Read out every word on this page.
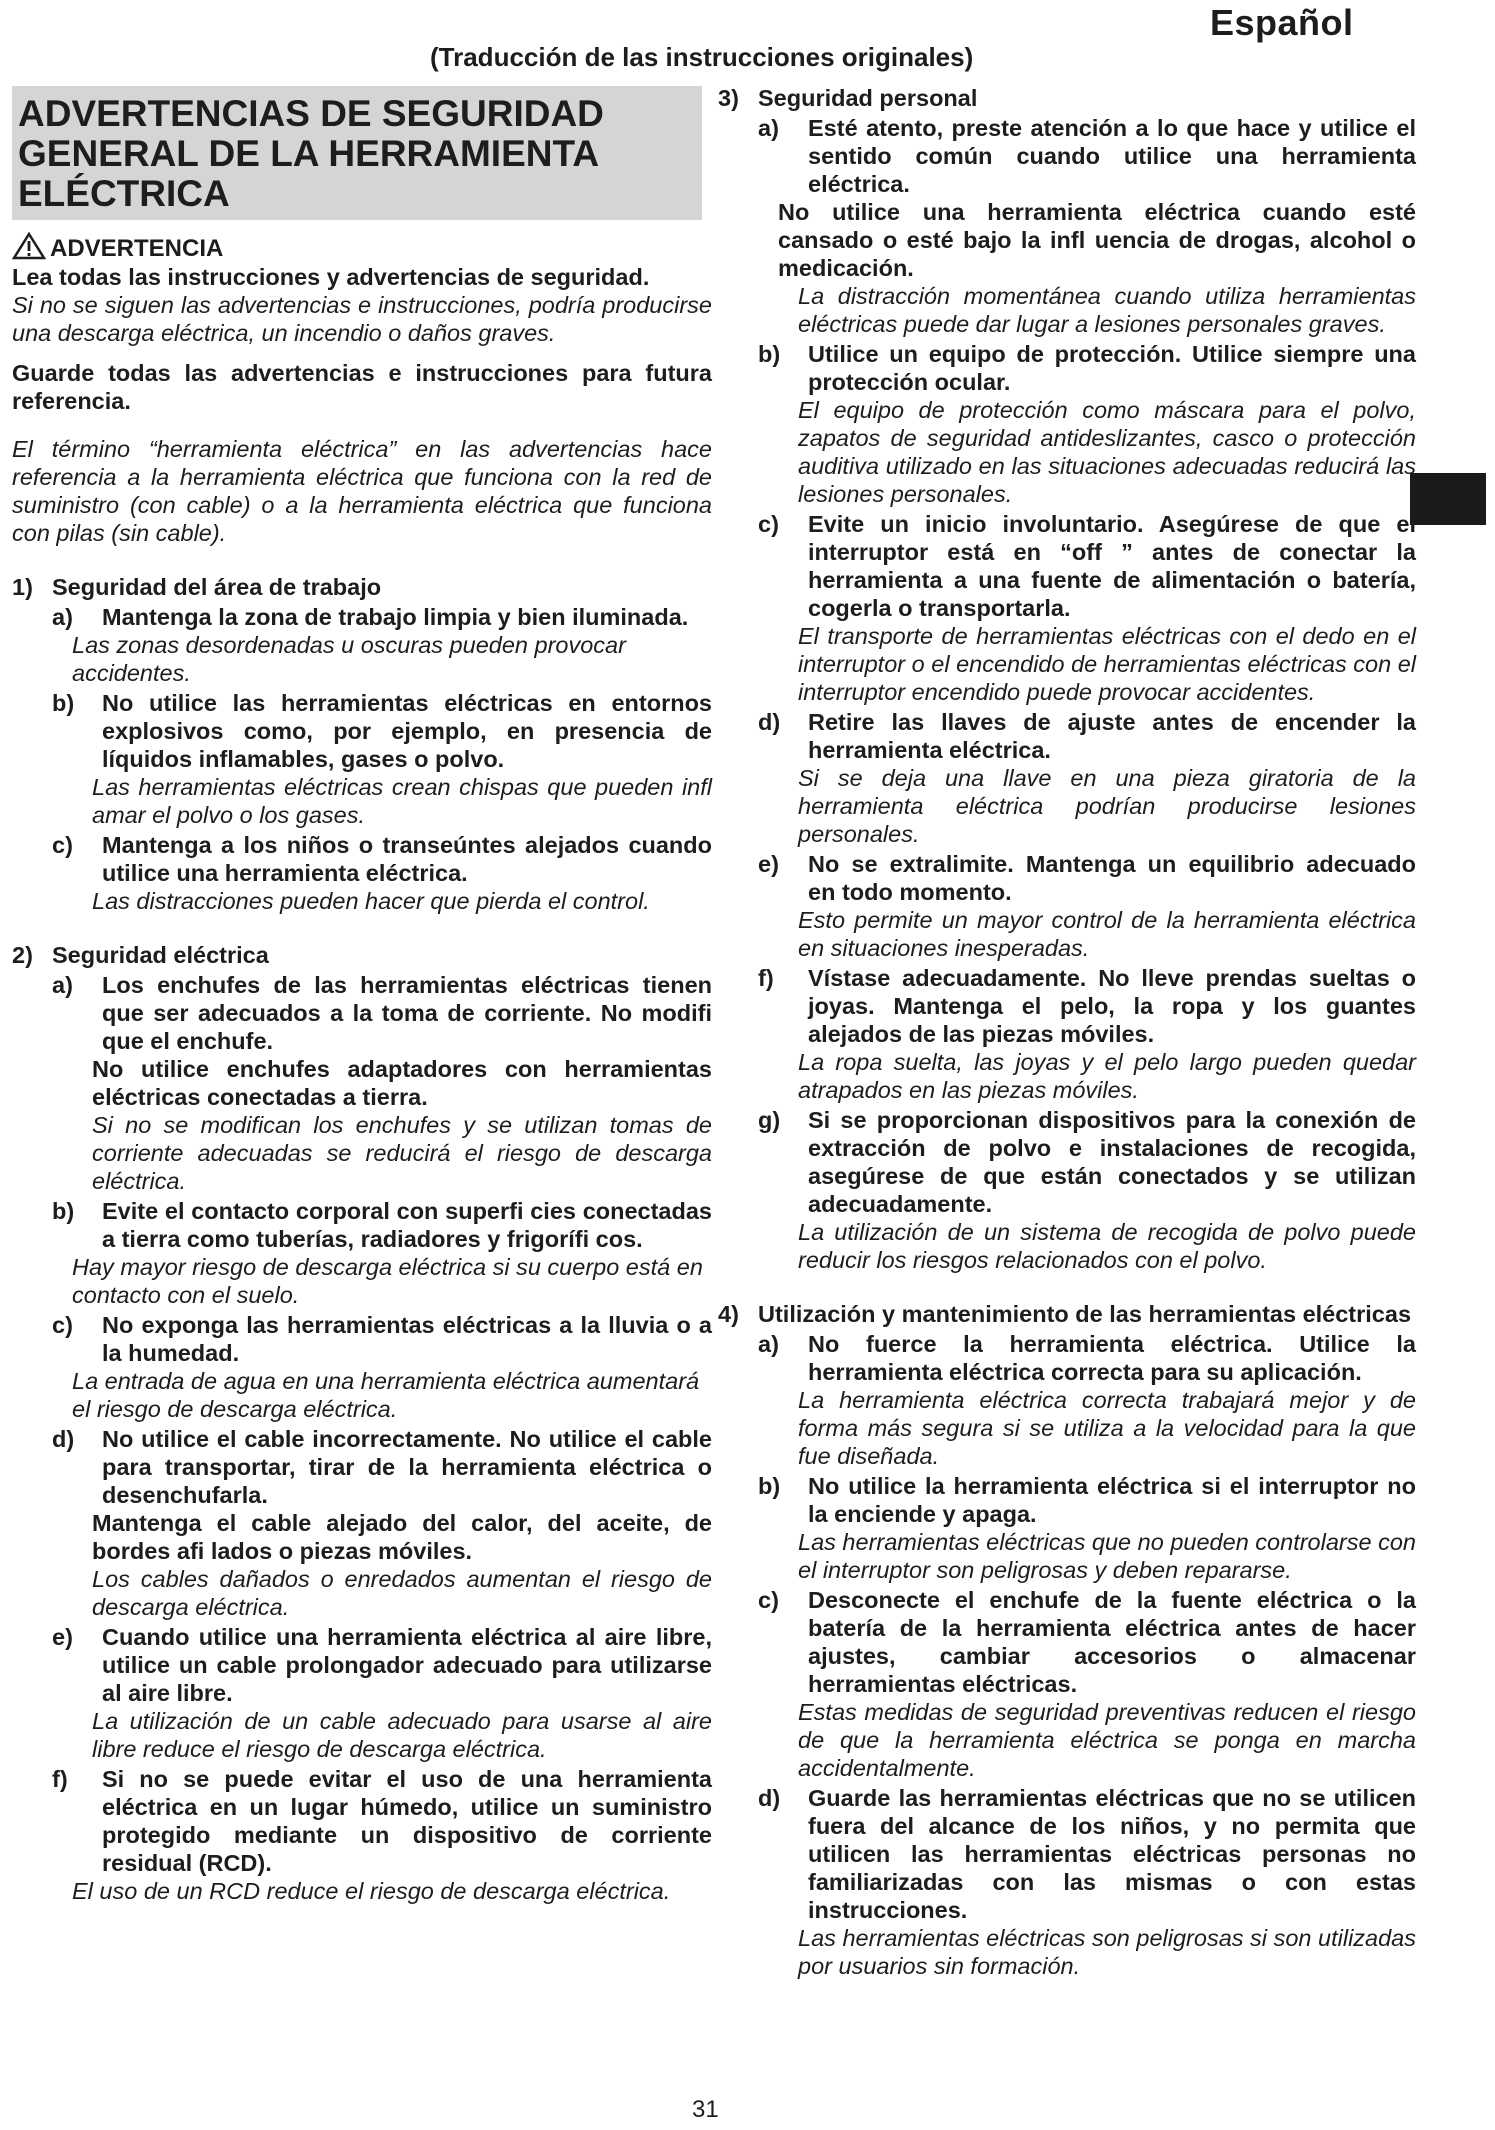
Español
(Traducción de las instrucciones originales)
ADVERTENCIAS DE SEGURIDAD GENERAL DE LA HERRAMIENTA ELÉCTRICA
ADVERTENCIA
Lea todas las instrucciones y advertencias de seguridad.
Si no se siguen las advertencias e instrucciones, podría producirse una descarga eléctrica, un incendio o daños graves.
Guarde todas las advertencias e instrucciones para futura referencia.
El término “herramienta eléctrica” en las advertencias hace referencia a la herramienta eléctrica que funciona con la red de suministro (con cable) o a la herramienta eléctrica que funciona con pilas (sin cable).
1) Seguridad del área de trabajo
a)	Mantenga la zona de trabajo limpia y bien iluminada.
Las zonas desordenadas u oscuras pueden provocar accidentes.
b)	No utilice las herramientas eléctricas en entornos explosivos como, por ejemplo, en presencia de líquidos inflamables, gases o polvo.
Las herramientas eléctricas crean chispas que pueden infl amar el polvo o los gases.
c)	Mantenga a los niños o transeúntes alejados cuando utilice una herramienta eléctrica.
Las distracciones pueden hacer que pierda el control.
2) Seguridad eléctrica
a)	Los enchufes de las herramientas eléctricas tienen que ser adecuados a la toma de corriente. No modifi que el enchufe.
No utilice enchufes adaptadores con herramientas eléctricas conectadas a tierra.
Si no se modifican los enchufes y se utilizan tomas de corriente adecuadas se reducirá el riesgo de descarga eléctrica.
b)	Evite el contacto corporal con superfi cies conectadas a tierra como tuberías, radiadores y frigorífi cos.
Hay mayor riesgo de descarga eléctrica si su cuerpo está en contacto con el suelo.
c)	No exponga las herramientas eléctricas a la lluvia o a la humedad.
La entrada de agua en una herramienta eléctrica aumentará el riesgo de descarga eléctrica.
d)	No utilice el cable incorrectamente. No utilice el cable para transportar, tirar de la herramienta eléctrica o desenchufarla.
Mantenga el cable alejado del calor, del aceite, de bordes afi lados o piezas móviles.
Los cables dañados o enredados aumentan el riesgo de descarga eléctrica.
e)	Cuando utilice una herramienta eléctrica al aire libre, utilice un cable prolongador adecuado para utilizarse al aire libre.
La utilización de un cable adecuado para usarse al aire libre reduce el riesgo de descarga eléctrica.
f)	Si no se puede evitar el uso de una herramienta eléctrica en un lugar húmedo, utilice un suministro protegido mediante un dispositivo de corriente residual (RCD).
El uso de un RCD reduce el riesgo de descarga eléctrica.
3) Seguridad personal
a)	Esté atento, preste atención a lo que hace y utilice el sentido común cuando utilice una herramienta eléctrica.
No utilice una herramienta eléctrica cuando esté cansado o esté bajo la infl uencia de drogas, alcohol o medicación.
La distracción momentánea cuando utiliza herramientas eléctricas puede dar lugar a lesiones personales graves.
b)	Utilice un equipo de protección. Utilice siempre una protección ocular.
El equipo de protección como máscara para el polvo, zapatos de seguridad antideslizantes, casco o protección auditiva utilizado en las situaciones adecuadas reducirá las lesiones personales.
c)	Evite un inicio involuntario. Asegúrese de que el interruptor está en “off ” antes de conectar la herramienta a una fuente de alimentación o batería, cogerla o transportarla.
El transporte de herramientas eléctricas con el dedo en el interruptor o el encendido de herramientas eléctricas con el interruptor encendido puede provocar accidentes.
d)	Retire las llaves de ajuste antes de encender la herramienta eléctrica.
Si se deja una llave en una pieza giratoria de la herramienta eléctrica podrían producirse lesiones personales.
e)	No se extralimite. Mantenga un equilibrio adecuado en todo momento.
Esto permite un mayor control de la herramienta eléctrica en situaciones inesperadas.
f)	Vístase adecuadamente. No lleve prendas sueltas o joyas. Mantenga el pelo, la ropa y los guantes alejados de las piezas móviles.
La ropa suelta, las joyas y el pelo largo pueden quedar atrapados en las piezas móviles.
g)	Si se proporcionan dispositivos para la conexión de extracción de polvo e instalaciones de recogida, asegúrese de que están conectados y se utilizan adecuadamente.
La utilización de un sistema de recogida de polvo puede reducir los riesgos relacionados con el polvo.
4) Utilización y mantenimiento de las herramientas eléctricas
a)	No fuerce la herramienta eléctrica. Utilice la herramienta eléctrica correcta para su aplicación.
La herramienta eléctrica correcta trabajará mejor y de forma más segura si se utiliza a la velocidad para la que fue diseñada.
b)	No utilice la herramienta eléctrica si el interruptor no la enciende y apaga.
Las herramientas eléctricas que no pueden controlarse con el interruptor son peligrosas y deben repararse.
c)	Desconecte el enchufe de la fuente eléctrica o la batería de la herramienta eléctrica antes de hacer ajustes, cambiar accesorios o almacenar herramientas eléctricas.
Estas medidas de seguridad preventivas reducen el riesgo de que la herramienta eléctrica se ponga en marcha accidentalmente.
d)	Guarde las herramientas eléctricas que no se utilicen fuera del alcance de los niños, y no permita que utilicen las herramientas eléctricas personas no familiarizadas con las mismas o con estas instrucciones.
Las herramientas eléctricas son peligrosas si son utilizadas por usuarios sin formación.
31
